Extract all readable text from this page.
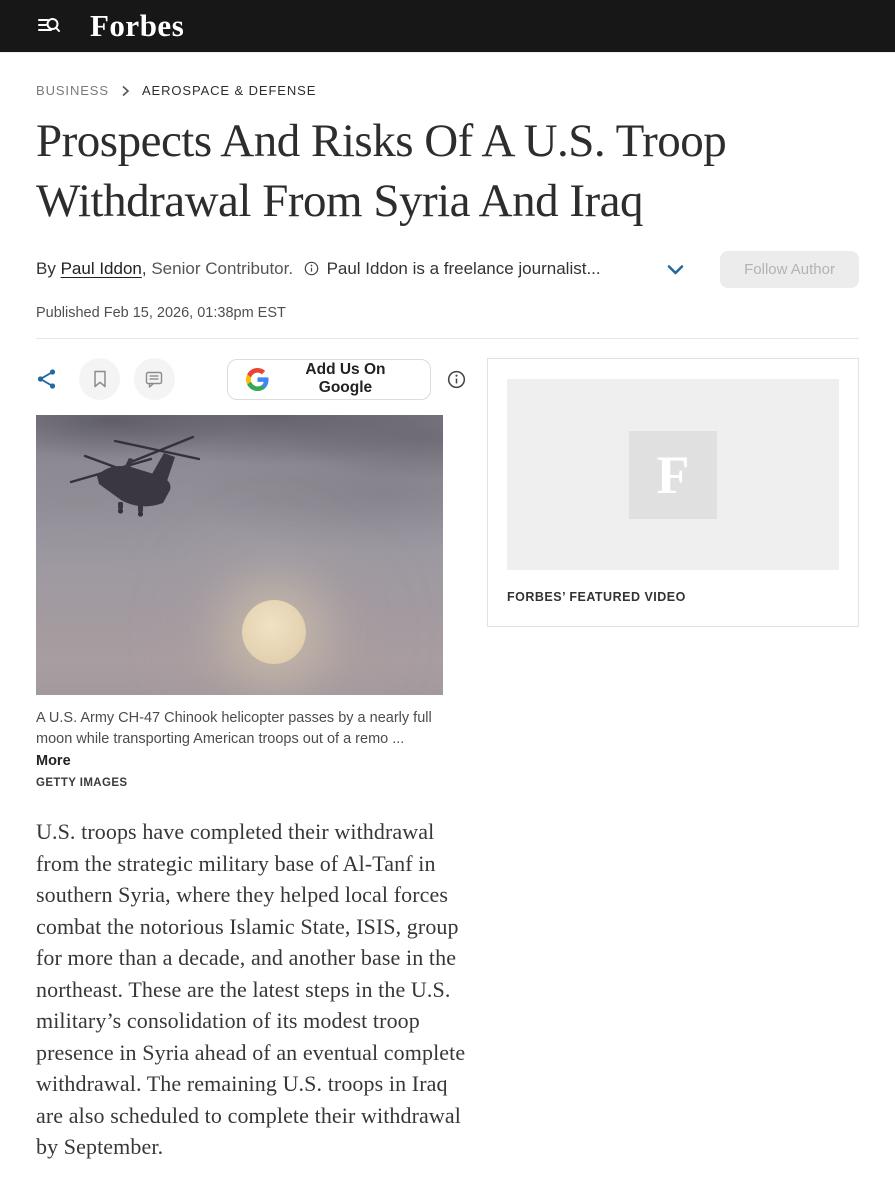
Forbes
BUSINESS	AEROSPACE & DEFENSE
Prospects And Risks Of A U.S. Troop Withdrawal From Syria And Iraq
By Paul Iddon, Senior Contributor. Paul Iddon is a freelance journalist...	Follow Author
Published Feb 15, 2026, 01:38pm EST
Add Us On Google
A U.S. Army CH-47 Chinook helicopter passes by a nearly full moon while transporting American troops out of a remo ... More
GETTY IMAGES

U.S. troops have completed their withdrawal from the strategic military base of Al-Tanf in southern Syria, where they helped local forces combat the notorious Islamic State, ISIS, group for more than a decade, and another base in the northeast. These are the latest steps in the U.S. military’s consolidation of its modest troop presence in Syria ahead of an eventual complete withdrawal. The remaining U.S. troops in Iraq are also scheduled to complete their withdrawal by September.

F
FORBES’ FEATURED VIDEO
